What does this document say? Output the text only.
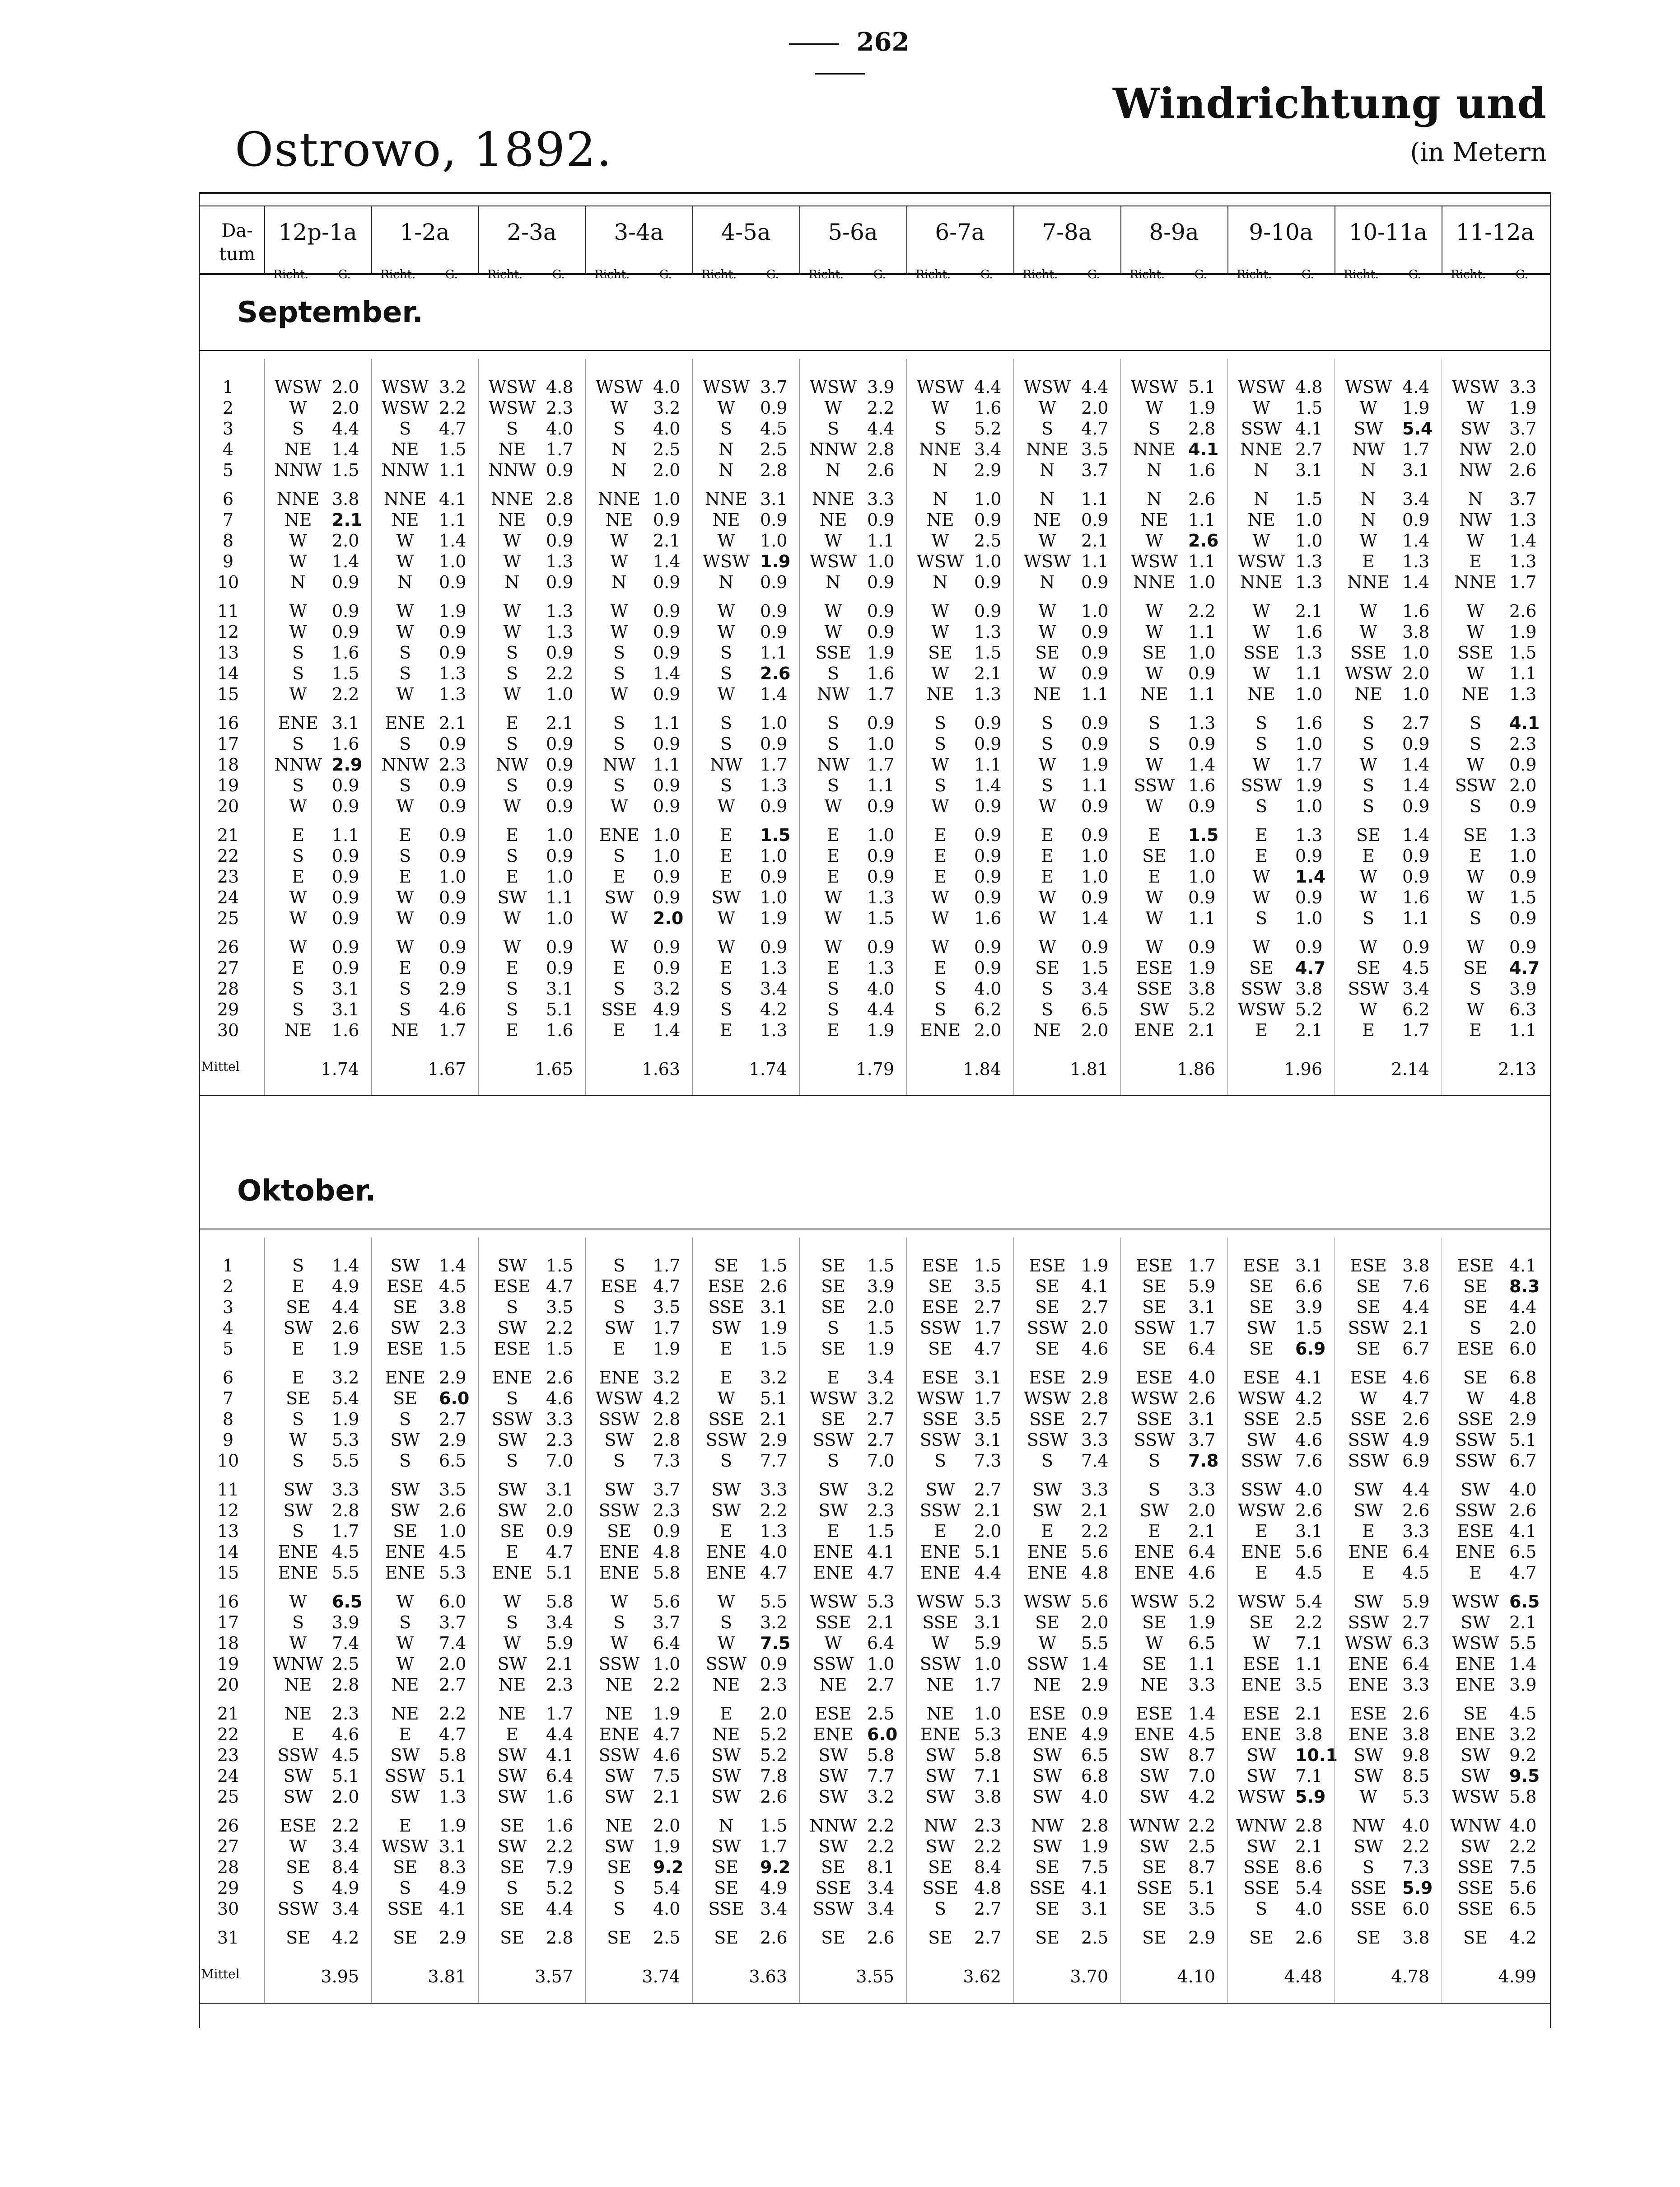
262
Windrichtung und
Ostrowo, 1892.	(in Metern
Da-
tum
12p-1a
Richt.	G.
1-2a
Richt.	G.
2-3a
Richt.	G.
3-4a
Richt.	G.
4-5a
Richt.	G.
5-6a
Richt.	G.
6-7a
Richt.	G.
7-8a
Richt.	G.
8-9a
Richt.	G.
9-10a
Richt.	G.
10-11a
Richt.	G.
11-12a
Richt.	G.
September.
1	WSW 2.0	WSW 3.2	WSW 4.8	WSW 4.0	WSW 3.7	WSW 3.9	WSW 4.4	WSW 4.4	WSW 5.1	WSW 4.8	WSW 4.4	WSW 3.3
2	W	2.0	WSW 2.2	WSW 2.3	W	3.2	W	0.9	W	2.2	W	1.6	W	2.0	W	1.9	W	1.5	W	1.9	W	1.9
3	S	4.4	S	4.7	S	4.0	S	4.0	S	4.5	S	4.4	S	5.2	S	4.7	S	2.8	SSW 4.1	SW	5.4	SW	3.7
4	NE	1.4	NE	1.5	NE	1.7	N	2.5	N	2.5	NNW 2.8	NNE 3.4	NNE 3.5	NNE 4.1	NNE 2.7	NW	1.7	NW	2.0
5	NNW 1.5	NNW 1.1	NNW 0.9	N	2.0	N	2.8	N	2.6	N	2.9	N	3.7	N	1.6	N	3.1	N	3.1	NW	2.6
6	NNE 3.8	NNE 4.1	NNE 2.8	NNE 1.0	NNE 3.1	NNE 3.3	N	1.0	N	1.1	N	2.6	N	1.5	N	3.4	N	3.7
7	NE	2.1	NE	1.1	NE	0.9	NE	0.9	NE	0.9	NE	0.9	NE	0.9	NE	0.9	NE	1.1	NE	1.0	N	0.9	NW	1.3
8	W	2.0	W	1.4	W	0.9	W	2.1	W	1.0	W	1.1	W	2.5	W	2.1	W	2.6	W	1.0	W	1.4	W	1.4
9	W	1.4	W	1.0	W	1.3	W	1.4	WSW 1.9	WSW 1.0	WSW 1.0	WSW 1.1	WSW 1.1	WSW 1.3	E	1.3	E	1.3
10	N	0.9	N	0.9	N	0.9	N	0.9	N	0.9	N	0.9	N	0.9	N	0.9	NNE 1.0	NNE 1.3	NNE 1.4	NNE 1.7
11	W	0.9	W	1.9	W	1.3	W	0.9	W	0.9	W	0.9	W	0.9	W	1.0	W	2.2	W	2.1	W	1.6	W	2.6
12	W	0.9	W	0.9	W	1.3	W	0.9	W	0.9	W	0.9	W	1.3	W	0.9	W	1.1	W	1.6	W	3.8	W	1.9
13	S	1.6	S	0.9	S	0.9	S	0.9	S	1.1	SSE 1.9	SE	1.5	SE	0.9	SE	1.0	SSE 1.3	SSE 1.0	SSE 1.5
14	S	1.5	S	1.3	S	2.2	S	1.4	S	2.6	S	1.6	W	2.1	W	0.9	W	0.9	W	1.1	WSW 2.0	W	1.1
15	W	2.2	W	1.3	W	1.0	W	0.9	W	1.4	NW	1.7	NE	1.3	NE	1.1	NE	1.1	NE	1.0	NE	1.0	NE	1.3
16	ENE 3.1	ENE 2.1	E	2.1	S	1.1	S	1.0	S	0.9	S	0.9	S	0.9	S	1.3	S	1.6	S	2.7	S	4.1
17	S	1.6	S	0.9	S	0.9	S	0.9	S	0.9	S	1.0	S	0.9	S	0.9	S	0.9	S	1.0	S	0.9	S	2.3
18	NNW 2.9	NNW 2.3	NW	0.9	NW	1.1	NW	1.7	NW	1.7	W	1.1	W	1.9	W	1.4	W	1.7	W	1.4	W	0.9
19	S	0.9	S	0.9	S	0.9	S	0.9	S	1.3	S	1.1	S	1.4	S	1.1	SSW 1.6	SSW 1.9	S	1.4	SSW 2.0
20	W	0.9	W	0.9	W	0.9	W	0.9	W	0.9	W	0.9	W	0.9	W	0.9	W	0.9	S	1.0	S	0.9	S	0.9
21	E	1.1	E	0.9	E	1.0	ENE 1.0	E	1.5	E	1.0	E	0.9	E	0.9	E	1.5	E	1.3	SE	1.4	SE	1.3
22	S	0.9	S	0.9	S	0.9	S	1.0	E	1.0	E	0.9	E	0.9	E	1.0	SE	1.0	E	0.9	E	0.9	E	1.0
23	E	0.9	E	1.0	E	1.0	E	0.9	E	0.9	E	0.9	E	0.9	E	1.0	E	1.0	W	1.4	W	0.9	W	0.9
24	W	0.9	W	0.9	SW	1.1	SW	0.9	SW	1.0	W	1.3	W	0.9	W	0.9	W	0.9	W	0.9	W	1.6	W	1.5
25	W	0.9	W	0.9	W	1.0	W	2.0	W	1.9	W	1.5	W	1.6	W	1.4	W	1.1	S	1.0	S	1.1	S	0.9
26	W	0.9	W	0.9	W	0.9	W	0.9	W	0.9	W	0.9	W	0.9	W	0.9	W	0.9	W	0.9	W	0.9	W	0.9
27	E	0.9	E	0.9	E	0.9	E	0.9	E	1.3	E	1.3	E	0.9	SE	1.5	ESE 1.9	SE	4.7	SE	4.5	SE	4.7
28	S	3.1	S	2.9	S	3.1	S	3.2	S	3.4	S	4.0	S	4.0	S	3.4	SSE 3.8	SSW 3.8	SSW 3.4	S	3.9
29	S	3.1	S	4.6	S	5.1	SSE 4.9	S	4.2	S	4.4	S	6.2	S	6.5	SW	5.2	WSW 5.2	W	6.2	W	6.3
30	NE	1.6	NE	1.7	E	1.6	E	1.4	E	1.3	E	1.9	ENE 2.0	NE	2.0	ENE 2.1	E	2.1	E	1.7	E	1.1
Mittel	1.74	1.67	1.65	1.63	1.74	1.79	1.84	1.81	1.86	1.96	2.14	2.13
Oktober.
1	S	1.4	SW	1.4	SW	1.5	S	1.7	SE	1.5	SE	1.5	ESE 1.5	ESE 1.9	ESE 1.7	ESE 3.1	ESE 3.8	ESE 4.1
2	E	4.9	ESE 4.5	ESE 4.7	ESE 4.7	ESE 2.6	SE	3.9	SE	3.5	SE	4.1	SE	5.9	SE	6.6	SE	7.6	SE	8.3
3	SE	4.4	SE	3.8	S	3.5	S	3.5	SSE 3.1	SE	2.0	ESE 2.7	SE	2.7	SE	3.1	SE	3.9	SE	4.4	SE	4.4
4	SW	2.6	SW	2.3	SW	2.2	SW	1.7	SW	1.9	S	1.5	SSW 1.7	SSW 2.0	SSW 1.7	SW	1.5	SSW 2.1	S	2.0
5	E	1.9	ESE 1.5	ESE 1.5	E	1.9	E	1.5	SE	1.9	SE	4.7	SE	4.6	SE	6.4	SE	6.9	SE	6.7	ESE 6.0
6	E	3.2	ENE 2.9	ENE 2.6	ENE 3.2	E	3.2	E	3.4	ESE 3.1	ESE 2.9	ESE 4.0	ESE 4.1	ESE 4.6	SE	6.8
7	SE	5.4	SE	6.0	S	4.6	WSW 4.2	W	5.1	WSW 3.2	WSW 1.7	WSW 2.8	WSW 2.6	WSW 4.2	W	4.7	W	4.8
8	S	1.9	S	2.7	SSW 3.3	SSW 2.8	SSE 2.1	SE	2.7	SSE 3.5	SSE 2.7	SSE 3.1	SSE 2.5	SSE 2.6	SSE 2.9
9	W	5.3	SW	2.9	SW	2.3	SW	2.8	SSW 2.9	SSW 2.7	SSW 3.1	SSW 3.3	SSW 3.7	SW	4.6	SSW 4.9	SSW 5.1
10	S	5.5	S	6.5	S	7.0	S	7.3	S	7.7	S	7.0	S	7.3	S	7.4	S	7.8	SSW 7.6	SSW 6.9	SSW 6.7
11	SW	3.3	SW	3.5	SW	3.1	SW	3.7	SW	3.3	SW	3.2	SW	2.7	SW	3.3	S	3.3	SSW 4.0	SW	4.4	SW	4.0
12	SW	2.8	SW	2.6	SW	2.0	SSW 2.3	SW	2.2	SW	2.3	SSW 2.1	SW	2.1	SW	2.0	WSW 2.6	SW	2.6	SSW 2.6
13	S	1.7	SE	1.0	SE	0.9	SE	0.9	E	1.3	E	1.5	E	2.0	E	2.2	E	2.1	E	3.1	E	3.3	ESE 4.1
14	ENE 4.5	ENE 4.5	E	4.7	ENE 4.8	ENE 4.0	ENE 4.1	ENE 5.1	ENE 5.6	ENE 6.4	ENE 5.6	ENE 6.4	ENE 6.5
15	ENE 5.5	ENE 5.3	ENE 5.1	ENE 5.8	ENE 4.7	ENE 4.7	ENE 4.4	ENE 4.8	ENE 4.6	E	4.5	E	4.5	E	4.7
16	W	6.5	W	6.0	W	5.8	W	5.6	W	5.5	WSW 5.3	WSW 5.3	WSW 5.6	WSW 5.2	WSW 5.4	SW	5.9	WSW 6.5
17	S	3.9	S	3.7	S	3.4	S	3.7	S	3.2	SSE 2.1	SSE 3.1	SE	2.0	SE	1.9	SE	2.2	SSW 2.7	SW	2.1
18	W	7.4	W	7.4	W	5.9	W	6.4	W	7.5	W	6.4	W	5.9	W	5.5	W	6.5	W	7.1	WSW 6.3	WSW 5.5
19	WNW 2.5	W	2.0	SW	2.1	SSW 1.0	SSW 0.9	SSW 1.0	SSW 1.0	SSW 1.4	SE	1.1	ESE 1.1	ENE 6.4	ENE 1.4
20	NE	2.8	NE	2.7	NE	2.3	NE	2.2	NE	2.3	NE	2.7	NE	1.7	NE	2.9	NE	3.3	ENE 3.5	ENE 3.3	ENE 3.9
21	NE	2.3	NE	2.2	NE	1.7	NE	1.9	E	2.0	ESE 2.5	NE	1.0	ESE 0.9	ESE 1.4	ESE 2.1	ESE 2.6	SE	4.5
22	E	4.6	E	4.7	E	4.4	ENE 4.7	NE	5.2	ENE 6.0	ENE 5.3	ENE 4.9	ENE 4.5	ENE 3.8	ENE 3.8	ENE 3.2
23	SSW 4.5	SW	5.8	SW	4.1	SSW 4.6	SW	5.2	SW	5.8	SW	5.8	SW	6.5	SW	8.7	SW	10.1 SW	9.8	SW	9.2
24	SW	5.1	SSW 5.1	SW	6.4	SW	7.5	SW	7.8	SW	7.7	SW	7.1	SW	6.8	SW	7.0	SW	7.1	SW	8.5	SW	9.5
25	SW	2.0	SW	1.3	SW	1.6	SW	2.1	SW	2.6	SW	3.2	SW	3.8	SW	4.0	SW	4.2	WSW 5.9	W	5.3	WSW 5.8
26	ESE 2.2	E	1.9	SE	1.6	NE	2.0	N	1.5	NNW 2.2	NW	2.3	NW	2.8	WNW 2.2	WNW 2.8	NW	4.0	WNW 4.0
27	W	3.4	WSW 3.1	SW	2.2	SW	1.9	SW	1.7	SW	2.2	SW	2.2	SW	1.9	SW	2.5	SW	2.1	SW	2.2	SW	2.2
28	SE	8.4	SE	8.3	SE	7.9	SE	9.2	SE	9.2	SE	8.1	SE	8.4	SE	7.5	SE	8.7	SSE 8.6	S	7.3	SSE 7.5
29	S	4.9	S	4.9	S	5.2	S	5.4	SE	4.9	SSE 3.4	SSE 4.8	SSE 4.1	SSE 5.1	SSE 5.4	SSE 5.9	SSE 5.6
30	SSW 3.4	SSE 4.1	SE	4.4	S	4.0	SSE 3.4	SSW 3.4	S	2.7	SE	3.1	SE	3.5	S	4.0	SSE 6.0	SSE 6.5
31	SE	4.2	SE	2.9	SE	2.8	SE	2.5	SE	2.6	SE	2.6	SE	2.7	SE	2.5	SE	2.9	SE	2.6	SE	3.8	SE	4.2
Mittel	3.95	3.81	3.57	3.74	3.63	3.55	3.62	3.70	4.10	4.48	4.78	4.99
